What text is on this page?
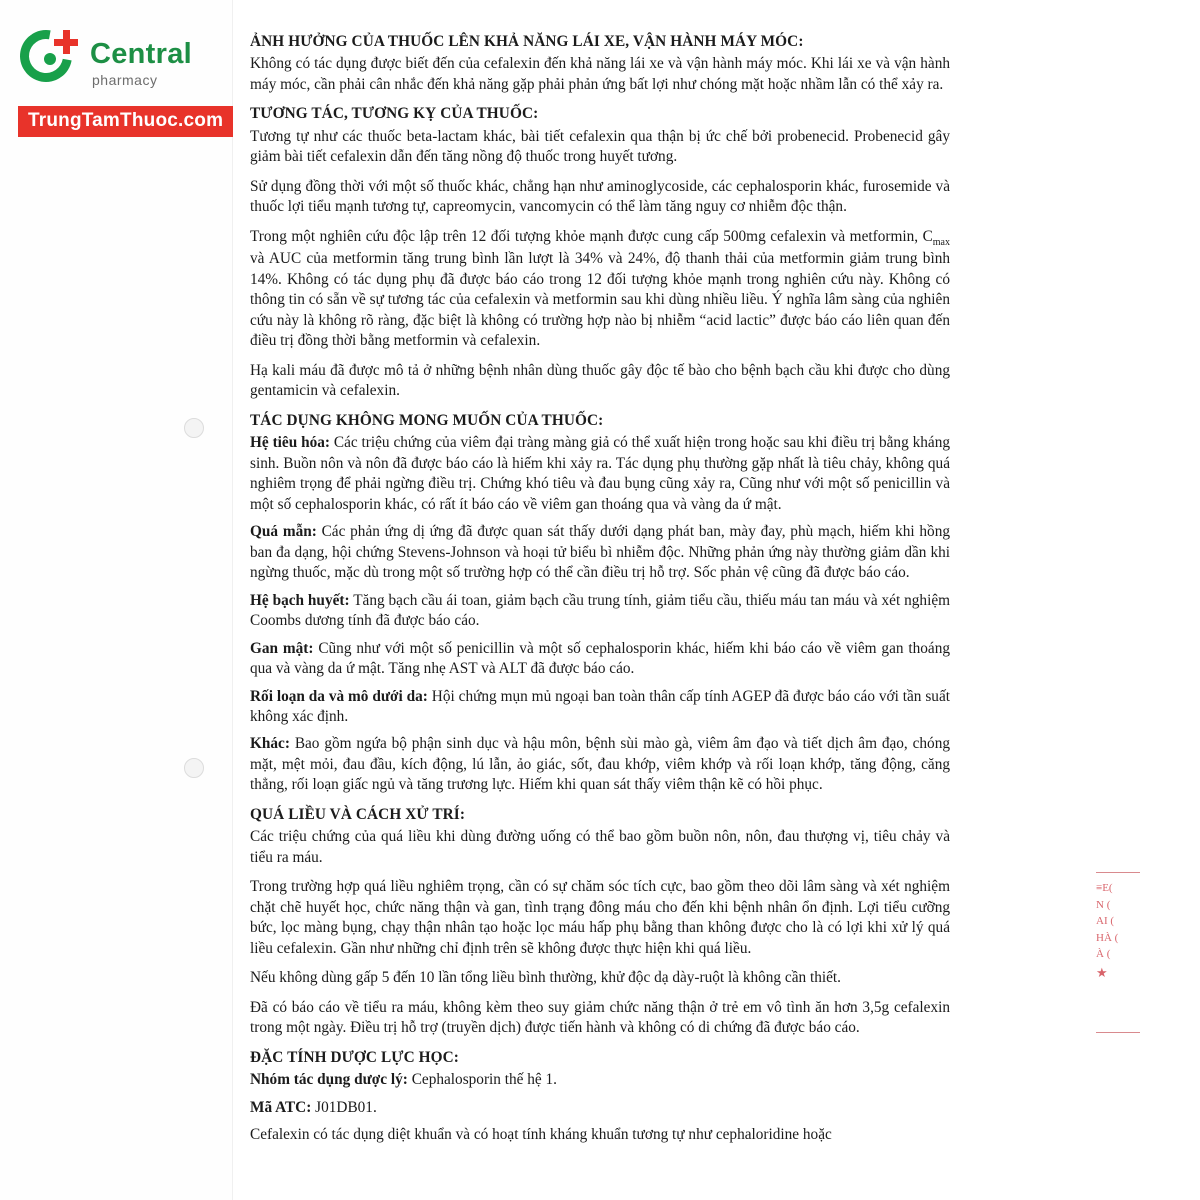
Central
pharmacy
TrungTamThuoc.com
ẢNH HƯỞNG CỦA THUỐC LÊN KHẢ NĂNG LÁI XE, VẬN HÀNH MÁY MÓC:

Không có tác dụng được biết đến của cefalexin đến khả năng lái xe và vận hành máy móc. Khi lái xe và vận hành máy móc, cần phải cân nhắc đến khả năng gặp phải phản ứng bất lợi như chóng mặt hoặc nhầm lẫn có thể xảy ra.

TƯƠNG TÁC, TƯƠNG KỴ CỦA THUỐC:

Tương tự như các thuốc beta-lactam khác, bài tiết cefalexin qua thận bị ức chế bởi probenecid. Probenecid gây giảm bài tiết cefalexin dẫn đến tăng nồng độ thuốc trong huyết tương.

Sử dụng đồng thời với một số thuốc khác, chẳng hạn như aminoglycoside, các cephalosporin khác, furosemide và thuốc lợi tiểu mạnh tương tự, capreomycin, vancomycin có thể làm tăng nguy cơ nhiễm độc thận.

Trong một nghiên cứu độc lập trên 12 đối tượng khỏe mạnh được cung cấp 500mg cefalexin và metformin, $C_{max}$ và AUC của metformin tăng trung bình lần lượt là 34% và 24%, độ thanh thải của metformin giảm trung bình 14%. Không có tác dụng phụ đã được báo cáo trong 12 đối tượng khỏe mạnh trong nghiên cứu này. Không có thông tin có sẵn về sự tương tác của cefalexin và metformin sau khi dùng nhiều liều. Ý nghĩa lâm sàng của nghiên cứu này là không rõ ràng, đặc biệt là không có trường hợp nào bị nhiễm “acid lactic” được báo cáo liên quan đến điều trị đồng thời bằng metformin và cefalexin.

Hạ kali máu đã được mô tả ở những bệnh nhân dùng thuốc gây độc tế bào cho bệnh bạch cầu khi được cho dùng gentamicin và cefalexin.

TÁC DỤNG KHÔNG MONG MUỐN CỦA THUỐC:

Hệ tiêu hóa: Các triệu chứng của viêm đại tràng màng giả có thể xuất hiện trong hoặc sau khi điều trị bằng kháng sinh. Buồn nôn và nôn đã được báo cáo là hiếm khi xảy ra. Tác dụng phụ thường gặp nhất là tiêu chảy, không quá nghiêm trọng để phải ngừng điều trị. Chứng khó tiêu và đau bụng cũng xảy ra, Cũng như với một số penicillin và một số cephalosporin khác, có rất ít báo cáo về viêm gan thoáng qua và vàng da ứ mật.

Quá mẫn: Các phản ứng dị ứng đã được quan sát thấy dưới dạng phát ban, mày đay, phù mạch, hiếm khi hồng ban đa dạng, hội chứng Stevens-Johnson và hoại tử biểu bì nhiễm độc. Những phản ứng này thường giảm dần khi ngừng thuốc, mặc dù trong một số trường hợp có thể cần điều trị hỗ trợ. Sốc phản vệ cũng đã được báo cáo.

Hệ bạch huyết: Tăng bạch cầu ái toan, giảm bạch cầu trung tính, giảm tiểu cầu, thiếu máu tan máu và xét nghiệm Coombs dương tính đã được báo cáo.

Gan mật: Cũng như với một số penicillin và một số cephalosporin khác, hiếm khi báo cáo về viêm gan thoáng qua và vàng da ứ mật. Tăng nhẹ AST và ALT đã được báo cáo.

Rối loạn da và mô dưới da: Hội chứng mụn mủ ngoại ban toàn thân cấp tính AGEP đã được báo cáo với tần suất không xác định.

Khác: Bao gồm ngứa bộ phận sinh dục và hậu môn, bệnh sùi mào gà, viêm âm đạo và tiết dịch âm đạo, chóng mặt, mệt mỏi, đau đầu, kích động, lú lẫn, ảo giác, sốt, đau khớp, viêm khớp và rối loạn khớp, tăng động, căng thẳng, rối loạn giấc ngủ và tăng trương lực. Hiếm khi quan sát thấy viêm thận kẽ có hồi phục.

QUÁ LIỀU VÀ CÁCH XỬ TRÍ:

Các triệu chứng của quá liều khi dùng đường uống có thể bao gồm buồn nôn, nôn, đau thượng vị, tiêu chảy và tiểu ra máu.

Trong trường hợp quá liều nghiêm trọng, cần có sự chăm sóc tích cực, bao gồm theo dõi lâm sàng và xét nghiệm chặt chẽ huyết học, chức năng thận và gan, tình trạng đông máu cho đến khi bệnh nhân ổn định. Lợi tiểu cưỡng bức, lọc màng bụng, chạy thận nhân tạo hoặc lọc máu hấp phụ bằng than không được cho là có lợi khi xử lý quá liều cefalexin. Gần như những chỉ định trên sẽ không được thực hiện khi quá liều.

Nếu không dùng gấp 5 đến 10 lần tổng liều bình thường, khử độc dạ dày-ruột là không cần thiết.

Đã có báo cáo về tiểu ra máu, không kèm theo suy giảm chức năng thận ở trẻ em vô tình ăn hơn 3,5g cefalexin trong một ngày. Điều trị hỗ trợ (truyền dịch) được tiến hành và không có di chứng đã được báo cáo.

ĐẶC TÍNH DƯỢC LỰC HỌC:

Nhóm tác dụng dược lý: Cephalosporin thế hệ 1.

Mã ATC: J01DB01.

Cefalexin có tác dụng diệt khuẩn và có hoạt tính kháng khuẩn tương tự như cephaloridine hoặc

≡E(
N (
AI (
HÀ (
À (
★
